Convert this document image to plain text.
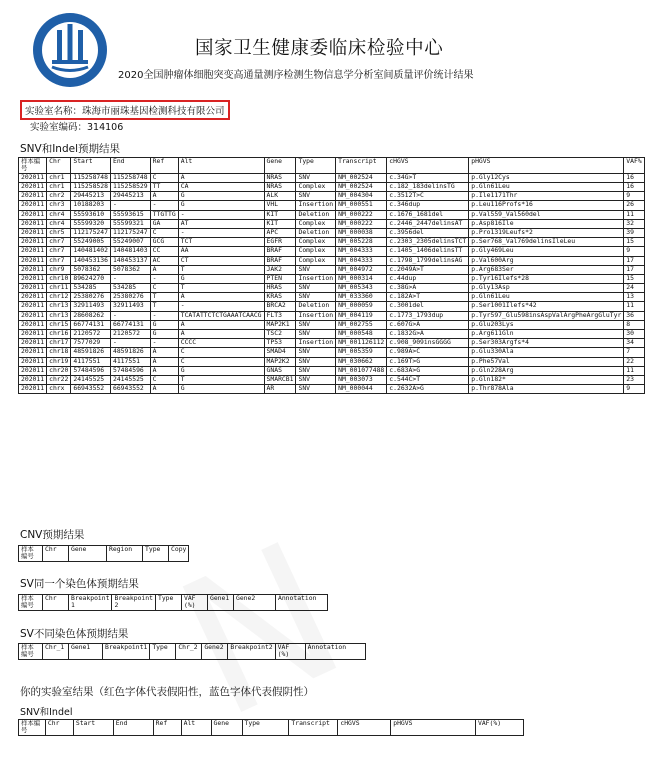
国家卫生健康委临床检验中心
2020全国肿瘤体细胞突变高通量测序检测生物信息学分析室间质量评价统计结果
实验室名称：珠海市丽珠基因检测科技有限公司
实验室编码：314106
SNV和Indel预期结果
样本编号	Chr	Start	End	Ref	Alt	Gene	Type	Transcript	cHGVS	pHGVS	VAF%
202011	chr1	115258748	115258748	C	A	NRAS	SNV	NM_002524	c.34G>T	p.Gly12Cys	16
202011	chr1	115258528	115258529	TT	CA	NRAS	Complex	NM_002524	c.182_183delinsTG	p.Gln61Leu	16
202011	chr2	29445213	29445213	A	G	ALK	SNV	NM_004304	c.3512T>C	p.Ile1171Thr	9
202011	chr3	10188203	-	-	G	VHL	Insertion	NM_000551	c.346dup	p.Leu116Profs*16	26
202011	chr4	55593610	55593615	TTGTTG	-	KIT	Deletion	NM_000222	c.1676_1681del	p.Val559_Val560del	11
202011	chr4	55599320	55599321	GA	AT	KIT	Complex	NM_000222	c.2446_2447delinsAT	p.Asp816Ile	32
202011	chr5	112175247	112175247	C	-	APC	Deletion	NM_000038	c.3956del	p.Pro1319Leufs*2	39
202011	chr7	55249005	55249007	GCG	TCT	EGFR	Complex	NM_005228	c.2303_2305delinsTCT	p.Ser768_Val769delinsIleLeu	15
202011	chr7	140481402	140481403	CC	AA	BRAF	Complex	NM_004333	c.1405_1406delinsTT	p.Gly469Leu	9
202011	chr7	140453136	140453137	AC	CT	BRAF	Complex	NM_004333	c.1798_1799delinsAG	p.Val600Arg	17
202011	chr9	5078362	5078362	A	T	JAK2	SNV	NM_004972	c.2049A>T	p.Arg683Ser	17
202011	chr10	89624270	-	-	G	PTEN	Insertion	NM_000314	c.44dup	p.Tyr16Ilefs*28	15
202011	chr11	534285	534285	C	T	HRAS	SNV	NM_005343	c.38G>A	p.Gly13Asp	24
202011	chr12	25380276	25380276	T	A	KRAS	SNV	NM_033360	c.182A>T	p.Gln61Leu	13
202011	chr13	32911493	32911493	T	-	BRCA2	Deletion	NM_000059	c.3001del	p.Ser1001Ilefs*42	11
202011	chr13	28608262	-	-	TCATATTCTCTGAAATCAACG	FLT3	Insertion	NM_004119	c.1773_1793dup	p.Tyr597_Glu598insAspValArgPheArgGluTyr	36
202011	chr15	66774131	66774131	G	A	MAP2K1	SNV	NM_002755	c.607G>A	p.Glu203Lys	8
202011	chr16	2120572	2120572	G	A	TSC2	SNV	NM_000548	c.1832G>A	p.Arg611Gln	30
202011	chr17	7577029	-	-	CCCC	TP53	Insertion	NM_001126112	c.908_909insGGGG	p.Ser303Argfs*4	34
202011	chr18	48591826	48591826	A	C	SMAD4	SNV	NM_005359	c.989A>C	p.Glu330Ala	7
202011	chr19	4117551	4117551	A	C	MAP2K2	SNV	NM_030662	c.169T>G	p.Phe57Val	22
202011	chr20	57484596	57484596	A	G	GNAS	SNV	NM_001077488	c.683A>G	p.Gln228Arg	11
202011	chr22	24145525	24145525	C	T	SMARCB1	SNV	NM_003073	c.544C>T	p.Gln182*	23
202011	chrx	66943552	66943552	A	G	AR	SNV	NM_000044	c.2632A>G	p.Thr878Ala	9
CNV预期结果
样本编号	Chr	Gene	Region	Type	Copy
SV同一个染色体预期结果
样本编号	Chr	Breakpoint 1	Breakpoint 2	Type	VAF (%)	Gene1	Gene2	Annotation
SV不同染色体预期结果
样本编号	Chr_1	Gene1	Breakpoint1	Type	Chr_2	Gene2	Breakpoint2	VAF (%)	Annotation
你的实验室结果（红色字体代表假阳性，蓝色字体代表假阴性）
SNV和Indel
样本编号	Chr	Start	End	Ref	Alt	Gene	Type	Transcript	cHGVS	pHGVS	VAF(%)
